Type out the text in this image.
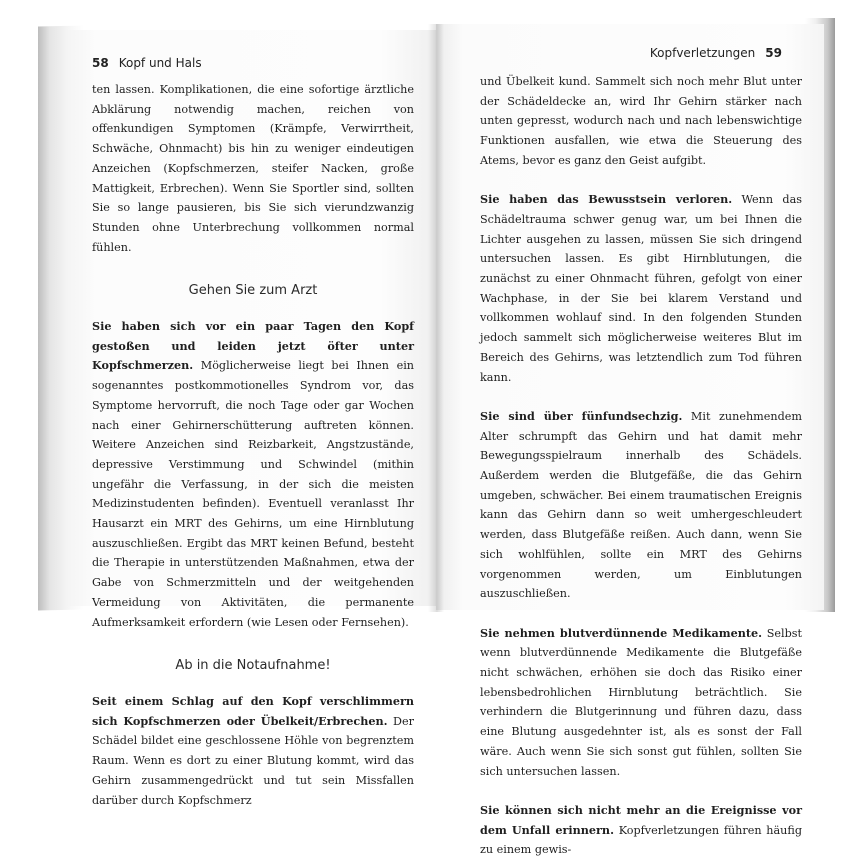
58 Kopf und Hals

ten lassen. Komplikationen, die eine sofortige ärztliche Abklärung notwendig machen, reichen von offenkundigen Symptomen (Krämpfe, Verwirrtheit, Schwäche, Ohnmacht) bis hin zu weniger eindeutigen Anzeichen (Kopfschmerzen, steifer Nacken, große Mattigkeit, Erbrechen). Wenn Sie Sportler sind, sollten Sie so lange pausieren, bis Sie sich vierundzwanzig Stunden ohne Unterbrechung vollkommen normal fühlen.

Gehen Sie zum Arzt

Sie haben sich vor ein paar Tagen den Kopf gestoßen und leiden jetzt öfter unter Kopfschmerzen. Möglicherweise liegt bei Ihnen ein sogenanntes postkommotionelles Syndrom vor, das Symptome hervorruft, die noch Tage oder gar Wochen nach einer Gehirnerschütterung auftreten können. Weitere Anzeichen sind Reizbarkeit, Angstzustände, depressive Verstimmung und Schwindel (mithin ungefähr die Verfassung, in der sich die meisten Medizinstudenten befinden). Eventuell veranlasst Ihr Hausarzt ein MRT des Gehirns, um eine Hirnblutung auszuschließen. Ergibt das MRT keinen Befund, besteht die Therapie in unterstützenden Maßnahmen, etwa der Gabe von Schmerzmitteln und der weitgehenden Vermeidung von Aktivitäten, die permanente Aufmerksamkeit erfordern (wie Lesen oder Fernsehen).

Ab in die Notaufnahme!

Seit einem Schlag auf den Kopf verschlimmern sich Kopfschmerzen oder Übelkeit/Erbrechen. Der Schädel bildet eine geschlossene Höhle von begrenztem Raum. Wenn es dort zu einer Blutung kommt, wird das Gehirn zusammengedrückt und tut sein Missfallen darüber durch Kopfschmerz

Kopfverletzungen 59

und Übelkeit kund. Sammelt sich noch mehr Blut unter der Schädeldecke an, wird Ihr Gehirn stärker nach unten gepresst, wodurch nach und nach lebenswichtige Funktionen ausfallen, wie etwa die Steuerung des Atems, bevor es ganz den Geist aufgibt.

Sie haben das Bewusstsein verloren. Wenn das Schädeltrauma schwer genug war, um bei Ihnen die Lichter ausgehen zu lassen, müssen Sie sich dringend untersuchen lassen. Es gibt Hirnblutungen, die zunächst zu einer Ohnmacht führen, gefolgt von einer Wachphase, in der Sie bei klarem Verstand und vollkommen wohlauf sind. In den folgenden Stunden jedoch sammelt sich möglicherweise weiteres Blut im Bereich des Gehirns, was letztendlich zum Tod führen kann.

Sie sind über fünfundsechzig. Mit zunehmendem Alter schrumpft das Gehirn und hat damit mehr Bewegungsspielraum innerhalb des Schädels. Außerdem werden die Blutgefäße, die das Gehirn umgeben, schwächer. Bei einem traumatischen Ereignis kann das Gehirn dann so weit umhergeschleudert werden, dass Blutgefäße reißen. Auch dann, wenn Sie sich wohlfühlen, sollte ein MRT des Gehirns vorgenommen werden, um Einblutungen auszuschließen.

Sie nehmen blutverdünnende Medikamente. Selbst wenn blutverdünnende Medikamente die Blutgefäße nicht schwächen, erhöhen sie doch das Risiko einer lebensbedrohlichen Hirnblutung beträchtlich. Sie verhindern die Blutgerinnung und führen dazu, dass eine Blutung ausgedehnter ist, als es sonst der Fall wäre. Auch wenn Sie sich sonst gut fühlen, sollten Sie sich untersuchen lassen.

Sie können sich nicht mehr an die Ereignisse vor dem Unfall erinnern. Kopfverletzungen führen häufig zu einem gewis-
